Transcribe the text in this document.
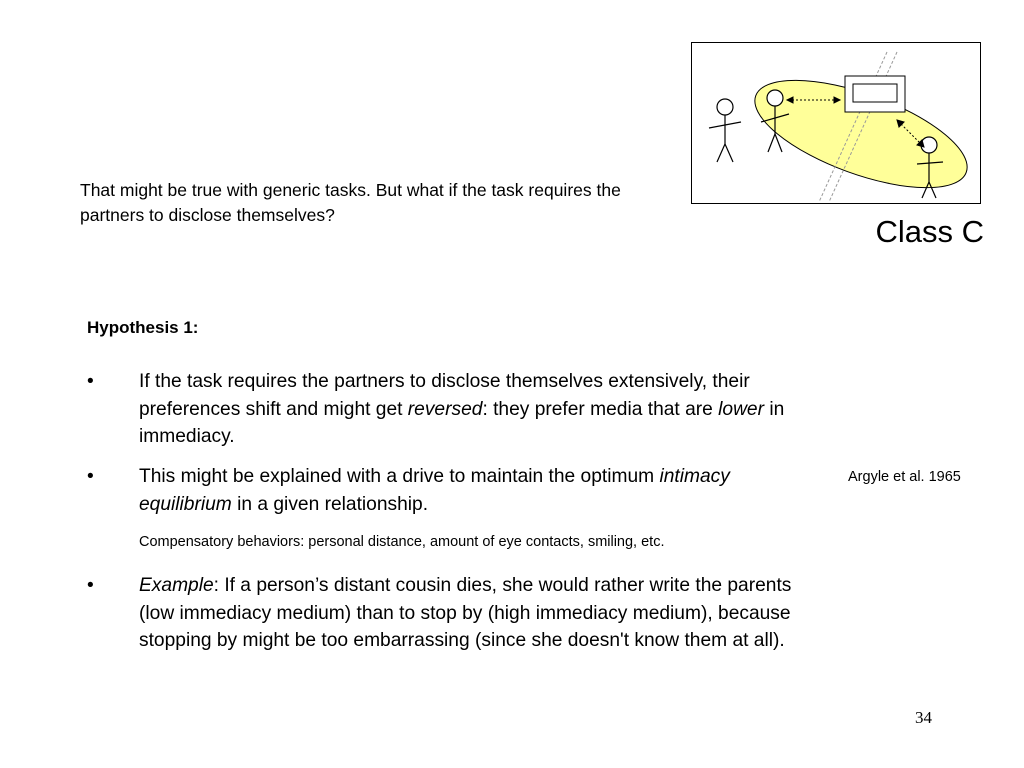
That might be true with generic tasks. But what if the task requires the partners to disclose themselves?	Class C
Hypothesis 1:
• If the task requires the partners to disclose themselves extensively, their preferences shift and might get reversed: they prefer media that are lower in immediacy.
• This might be explained with a drive to maintain the optimum intimacy equilibrium in a given relationship.
Compensatory behaviors: personal distance, amount of eye contacts, smiling, etc.
• Example: If a person’s distant cousin dies, she would rather write the parents (low immediacy medium) than to stop by (high immediacy medium), because stopping by might be too embarrassing (since she doesn't know them at all).
Argyle et al. 1965
34
